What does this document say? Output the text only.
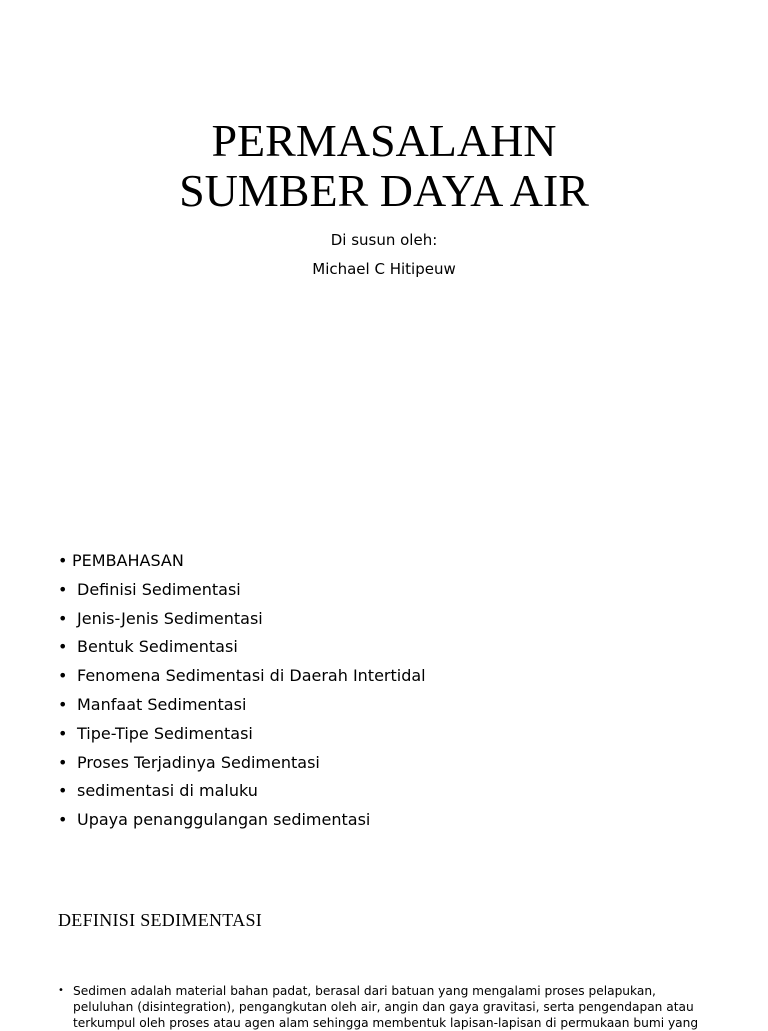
PERMASALAHN
SUMBER DAYA AIR
Di susun oleh:
Michael C Hitipeuw
• PEMBAHASAN
• Definisi Sedimentasi
• Jenis-Jenis Sedimentasi
• Bentuk Sedimentasi
• Fenomena Sedimentasi di Daerah Intertidal
• Manfaat Sedimentasi
• Tipe-Tipe Sedimentasi
• Proses Terjadinya Sedimentasi
• sedimentasi di maluku
• Upaya penanggulangan sedimentasi
DEFINISI SEDIMENTASI
• Sedimen adalah material bahan padat, berasal dari batuan yang mengalami proses pelapukan, peluluhan (disintegration), pengangkutan oleh air, angin dan gaya gravitasi, serta pengendapan atau terkumpul oleh proses atau agen alam sehingga membentuk lapisan-lapisan di permukaan bumi yang
